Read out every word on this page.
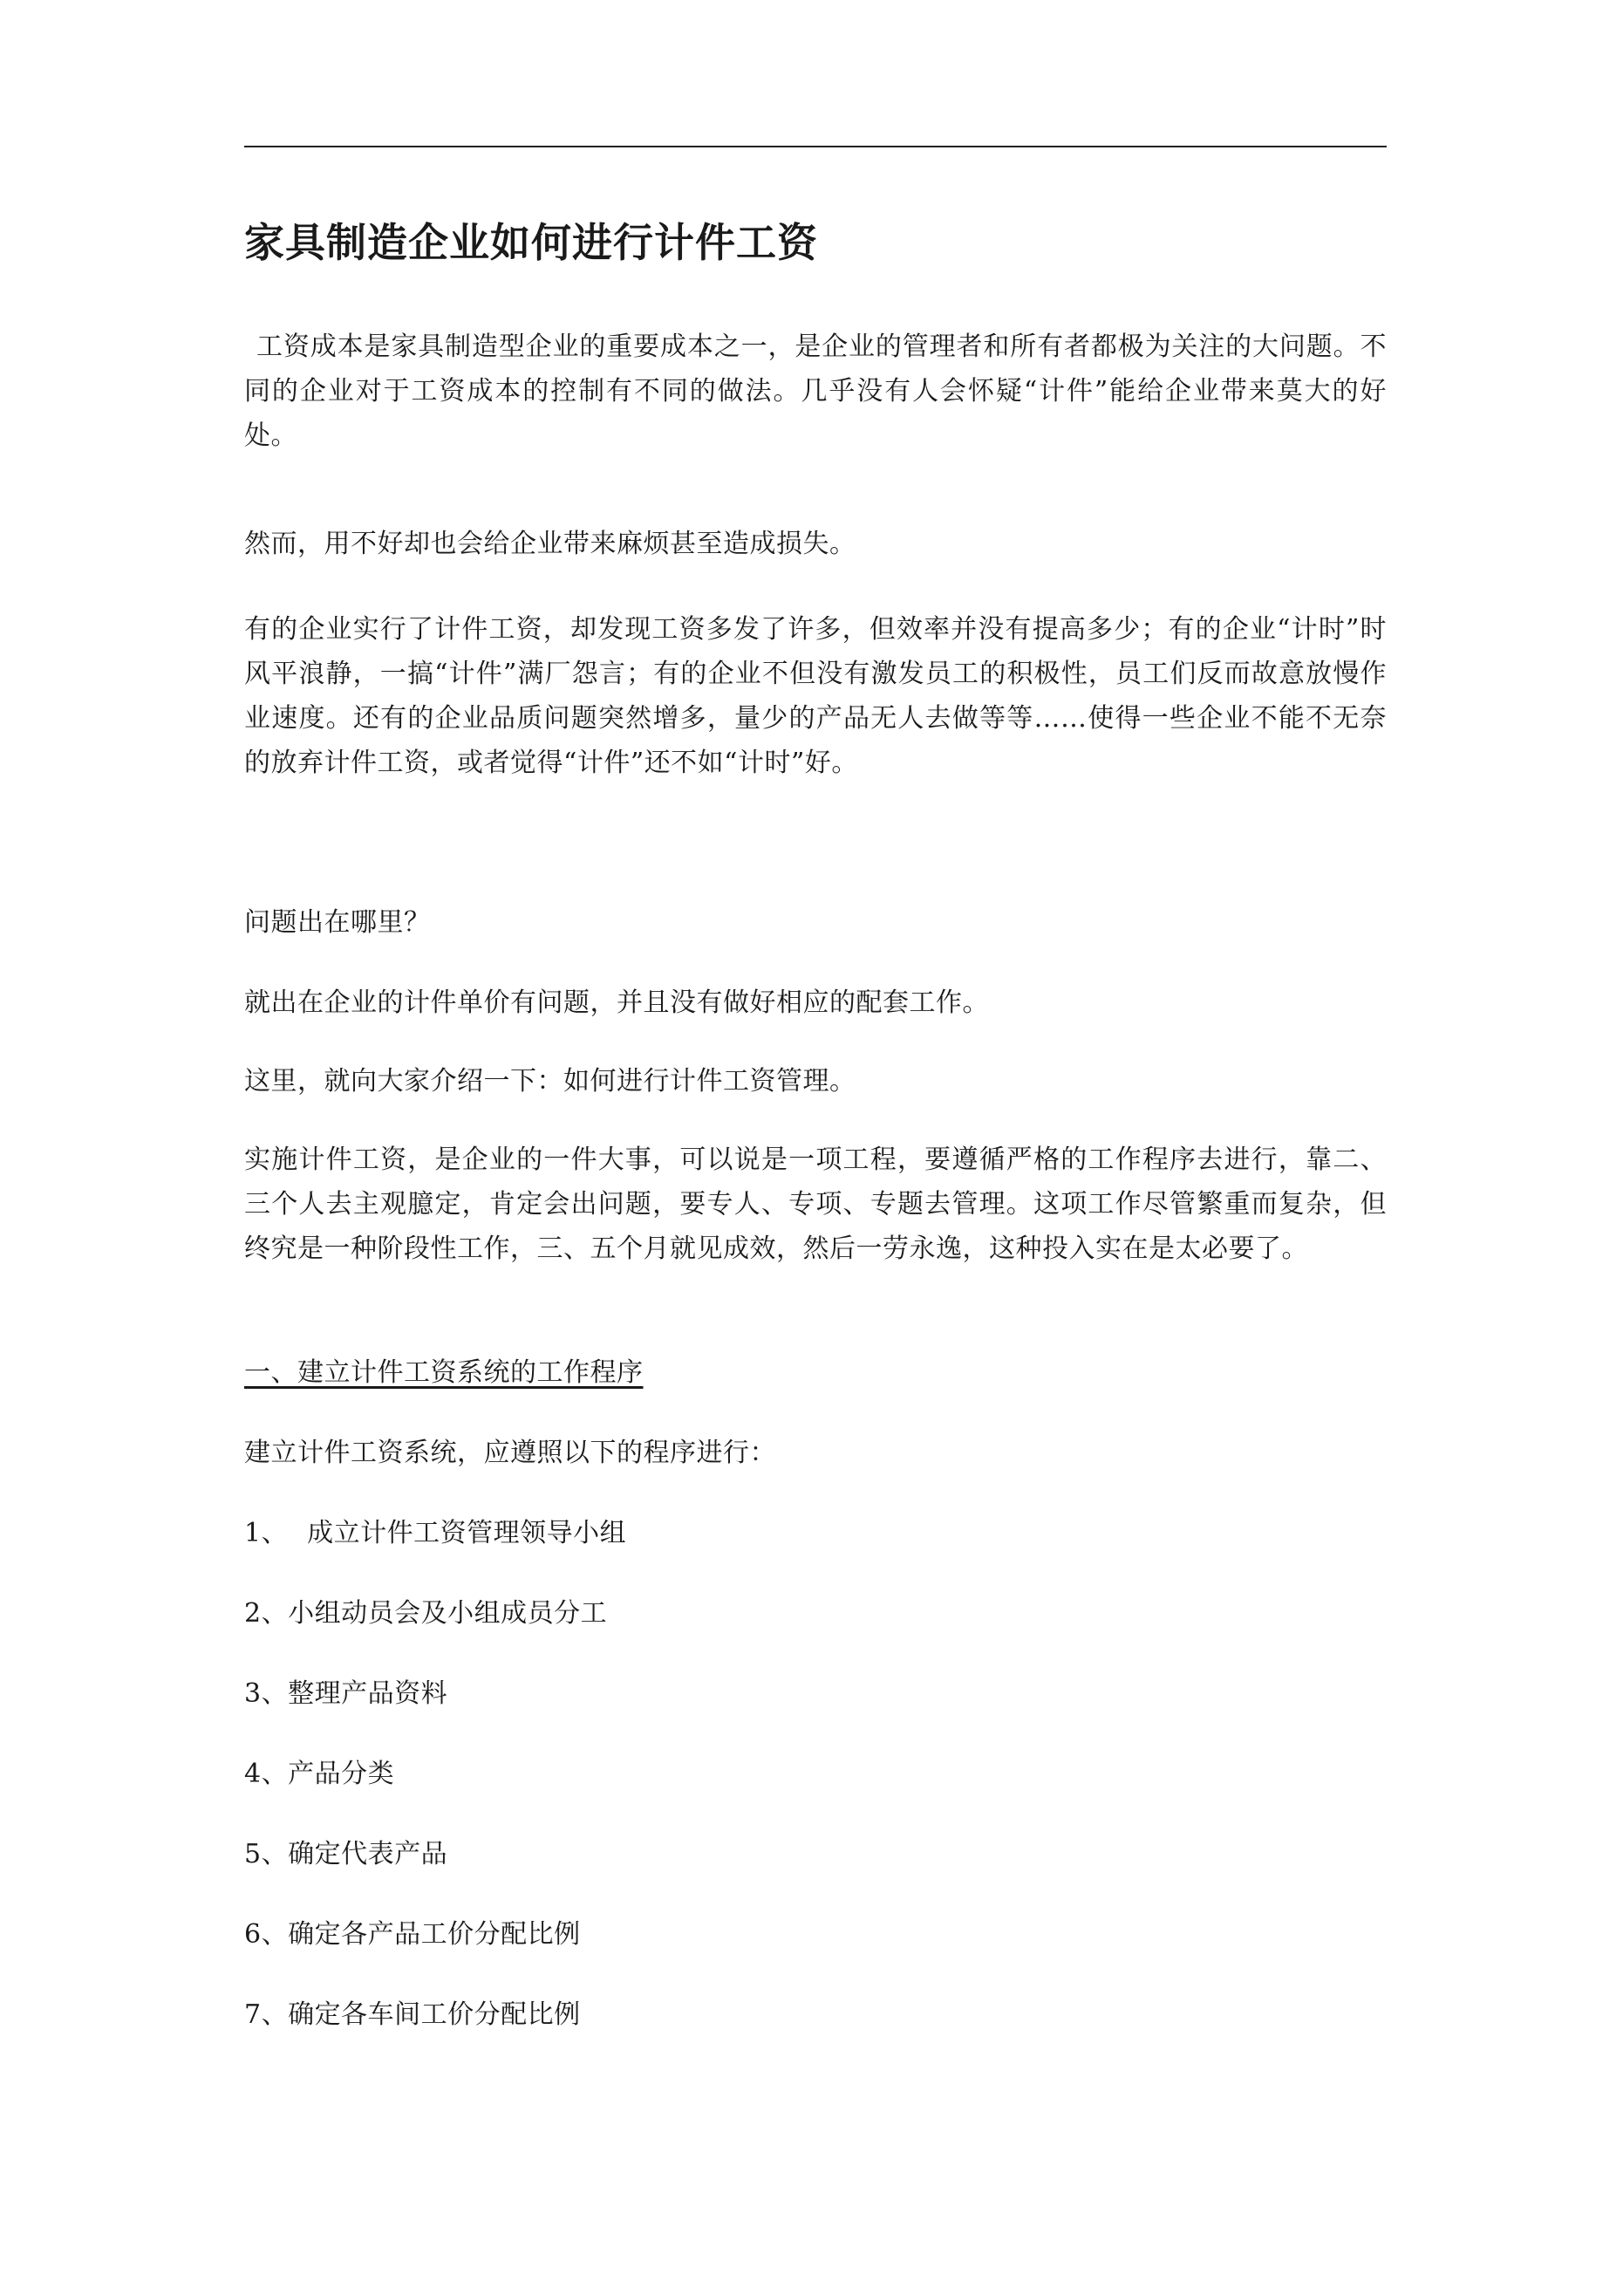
家具制造企业如何进行计件工资

工资成本是家具制造型企业的重要成本之一，是企业的管理者和所有者都极为关注的大问题。不同的企业对于工资成本的控制有不同的做法。几乎没有人会怀疑“计件”能给企业带来莫大的好处。

然而，用不好却也会给企业带来麻烦甚至造成损失。

有的企业实行了计件工资，却发现工资多发了许多，但效率并没有提高多少；有的企业“计时”时风平浪静，一搞“计件”满厂怨言；有的企业不但没有激发员工的积极性，员工们反而故意放慢作业速度。还有的企业品质问题突然增多，量少的产品无人去做等等……使得一些企业不能不无奈的放弃计件工资，或者觉得“计件”还不如“计时”好。

问题出在哪里？

就出在企业的计件单价有问题，并且没有做好相应的配套工作。

这里，就向大家介绍一下：如何进行计件工资管理。

实施计件工资，是企业的一件大事，可以说是一项工程，要遵循严格的工作程序去进行，靠二、三个人去主观臆定，肯定会出问题，要专人、专项、专题去管理。这项工作尽管繁重而复杂，但终究是一种阶段性工作，三、五个月就见成效，然后一劳永逸，这种投入实在是太必要了。

一、建立计件工资系统的工作程序

建立计件工资系统，应遵照以下的程序进行：

1、 成立计件工资管理领导小组
2、小组动员会及小组成员分工
3、整理产品资料
4、产品分类
5、确定代表产品
6、确定各产品工价分配比例
7、确定各车间工价分配比例
